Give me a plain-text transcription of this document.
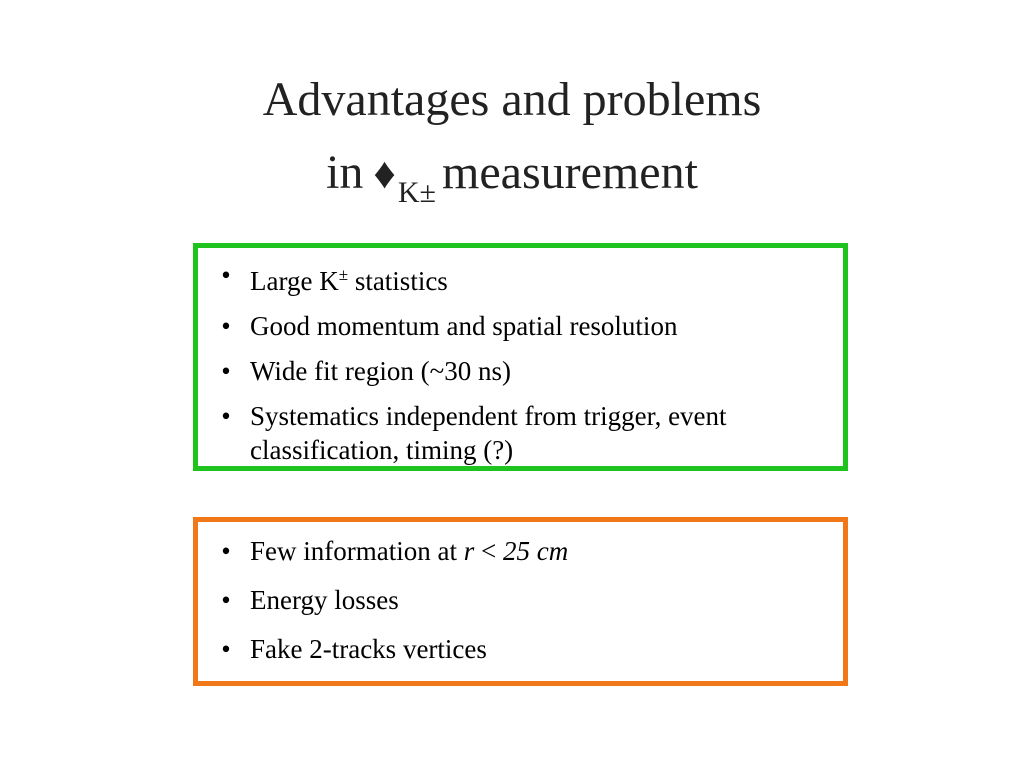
Advantages and problems
in $♦_{K\pm}$ measurement
• Large K± statistics
• Good momentum and spatial resolution
• Wide fit region (~30 ns)
• Systematics independent from trigger, event classification, timing (?)
• Few information at r < 25 cm
• Energy losses
• Fake 2-tracks vertices
